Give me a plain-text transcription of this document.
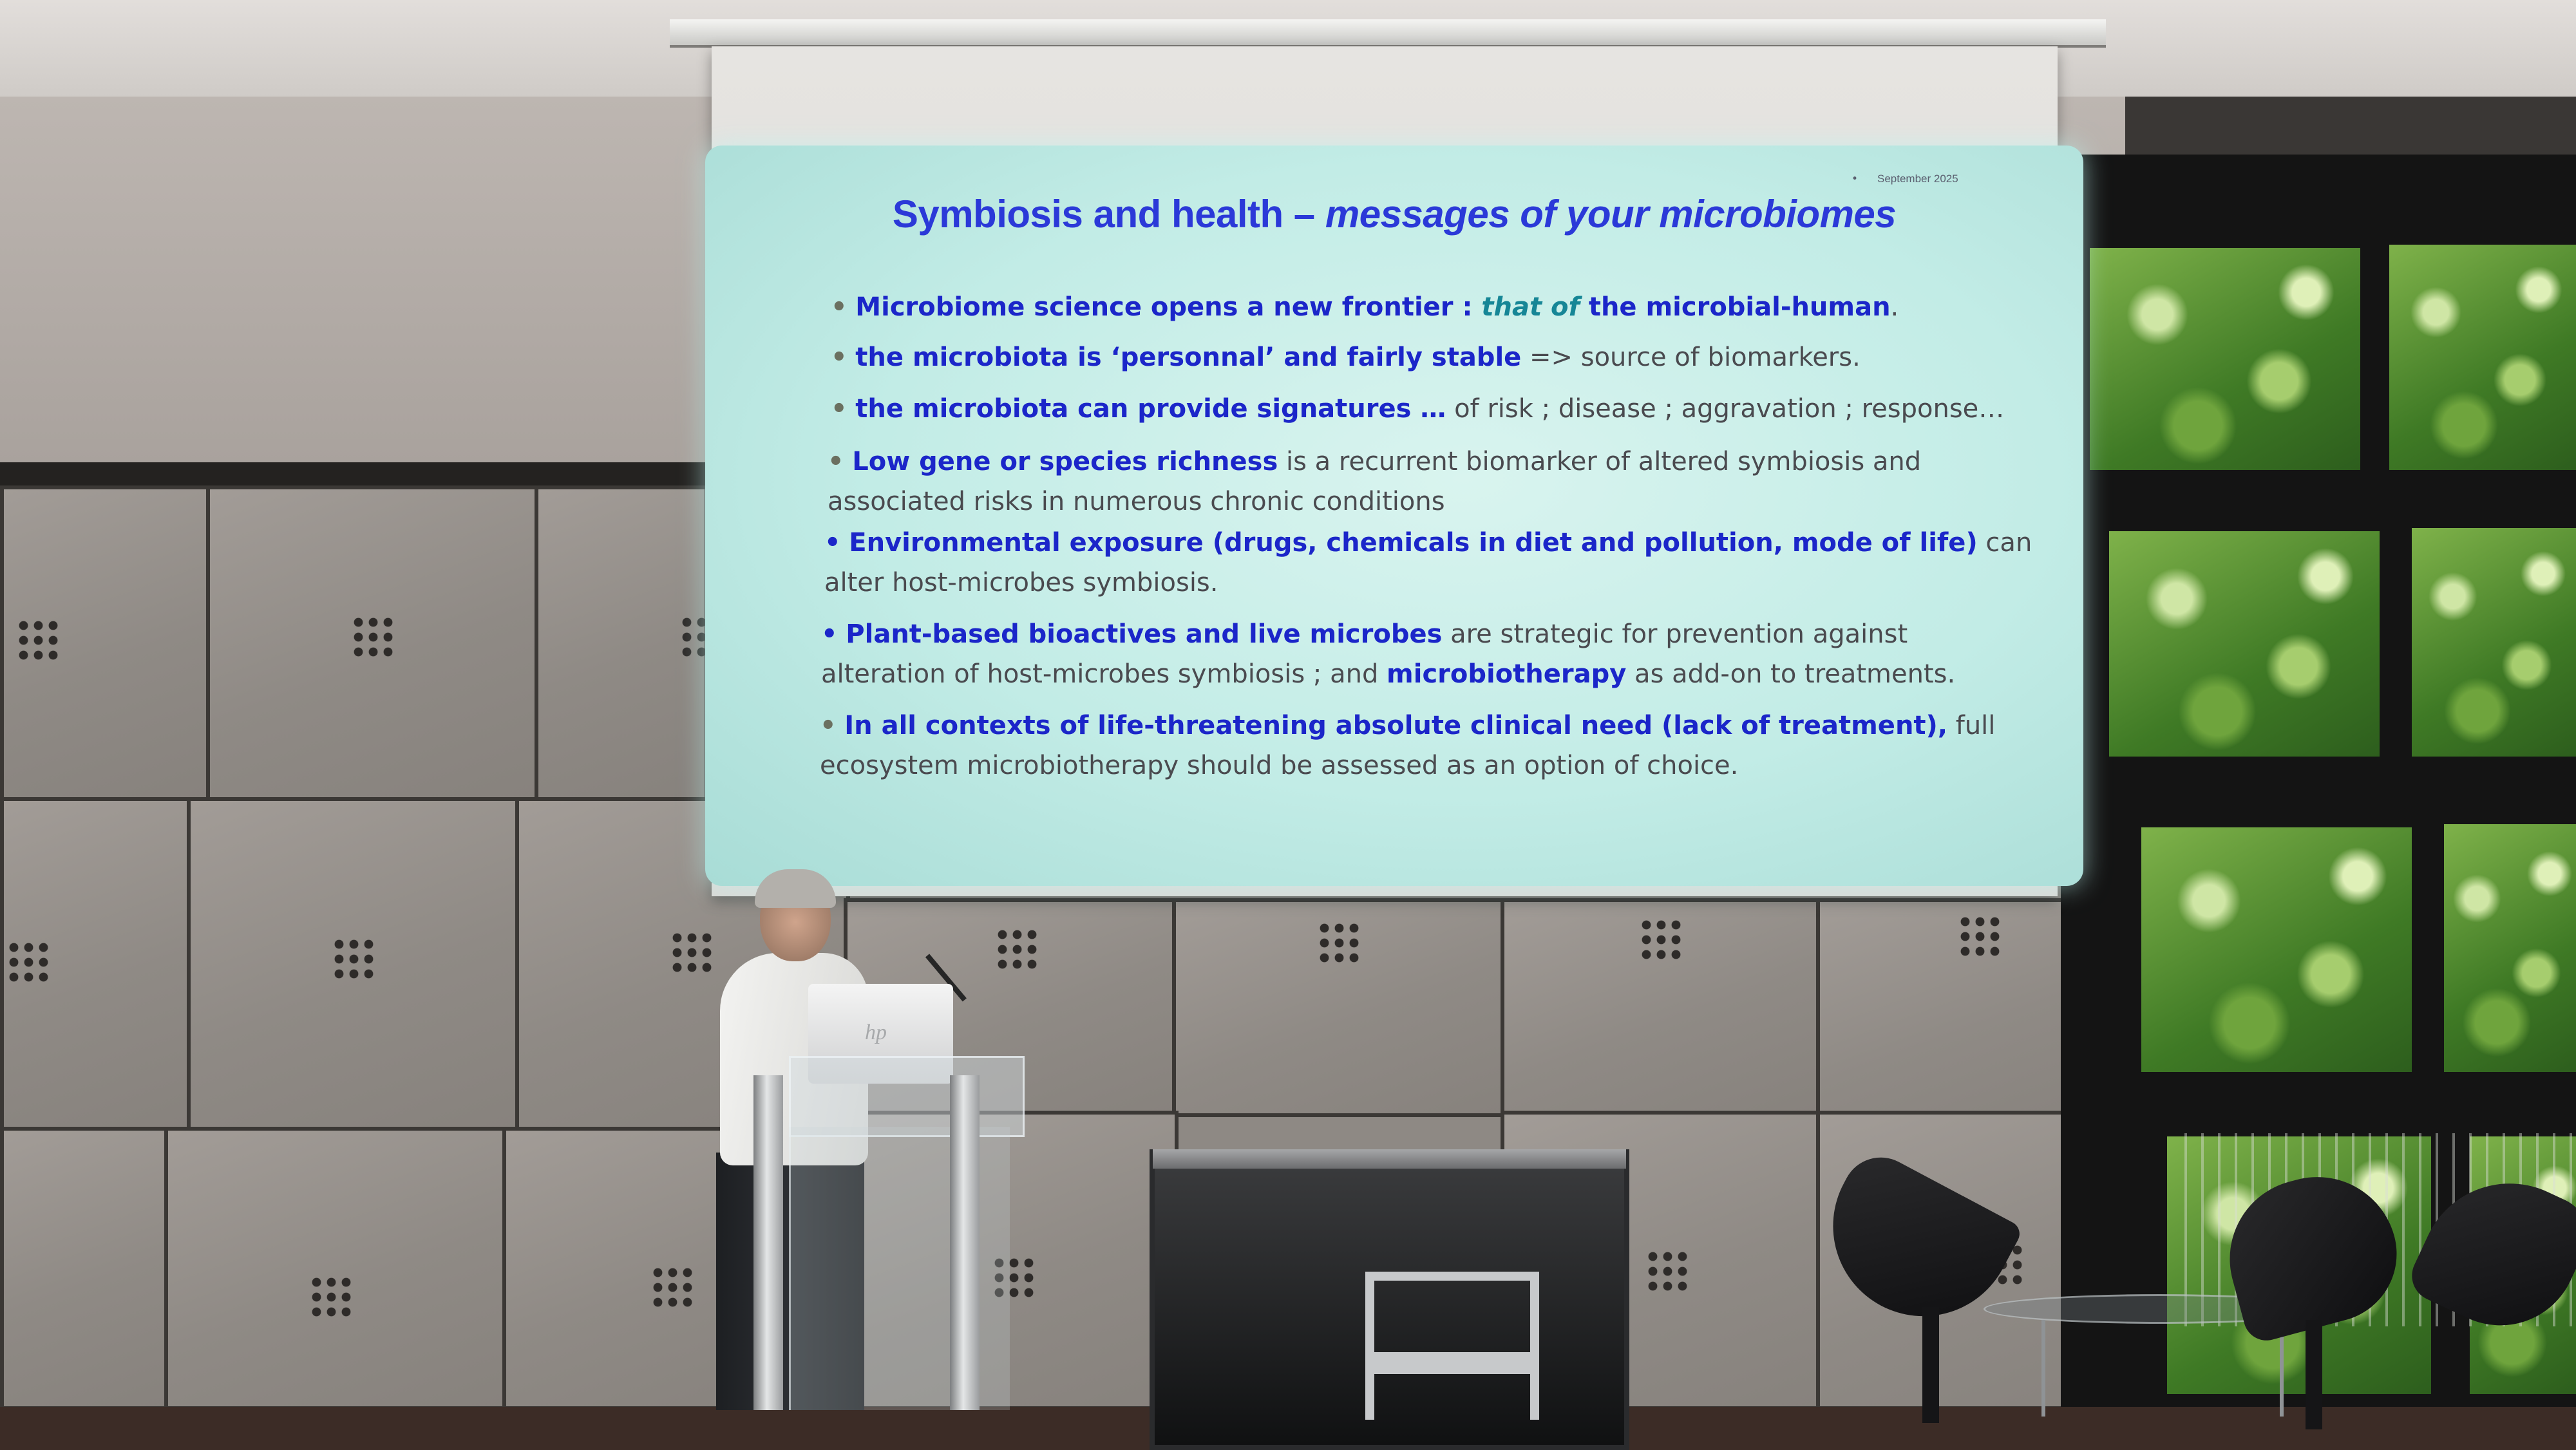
• September 2025
Symbiosis and health – messages of your microbiomes
• Microbiome science opens a new frontier : that of the microbial-human.
• the microbiota is ‘personnal’ and fairly stable => source of biomarkers.
• the microbiota can provide signatures … of risk ; disease ; aggravation ; response…
• Low gene or species richness is a recurrent biomarker of altered symbiosis and associated risks in numerous chronic conditions
• Environmental exposure (drugs, chemicals in diet and pollution, mode of life) can alter host-microbes symbiosis.
• Plant-based bioactives and live microbes are strategic for prevention against alteration of host-microbes symbiosis ; and microbiotherapy as add-on to treatments.
• In all contexts of life-threatening absolute clinical need (lack of treatment), full ecosystem microbiotherapy should be assessed as an option of choice.
hp
